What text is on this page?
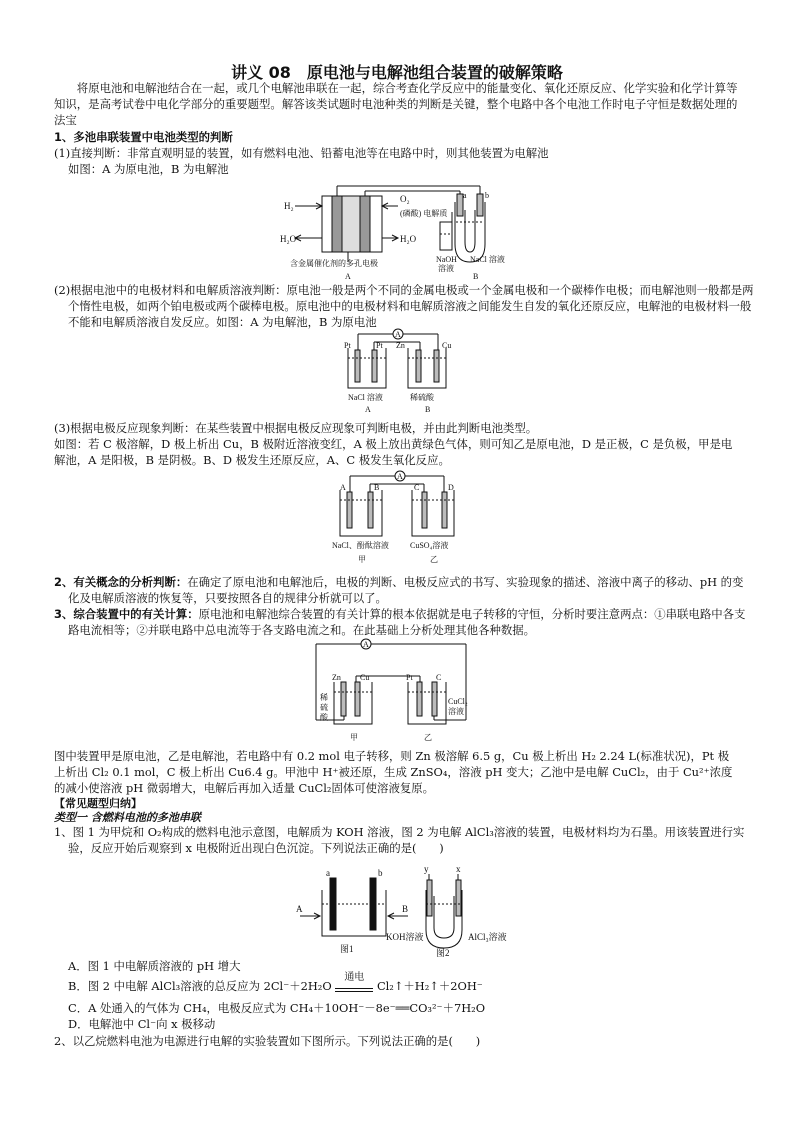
讲义 08　原电池与电解池组合装置的破解策略

将原电池和电解池结合在一起，或几个电解池串联在一起，综合考查化学反应中的能量变化、氧化还原反应、化学实验和化学计算等知识，是高考试卷中电化学部分的重要题型。解答该类试题时电池种类的判断是关键，整个电路中各个电池工作时电子守恒是数据处理的法宝

1、多池串联装置中电池类型的判断

(1)直接判断：非常直观明显的装置，如有燃料电池、铅蓄电池等在电路中时，则其他装置为电解池

如图：A 为原电池，B 为电解池

H₂
O₂
(磷酸) 电解质
H₂O	H₂O
含金属催化剂的多孔电极
a b
NaOH
溶液
NaCl 溶液
A	B

(2)根据电池中的电极材料和电解质溶液判断：原电池一般是两个不同的金属电极或一个金属电极和一个碳棒作电极；而电解池则一般都是两个惰性电极，如两个铂电极或两个碳棒电极。原电池中的电极材料和电解质溶液之间能发生自发的氧化还原反应，电解池的电极材料一般不能和电解质溶液自发反应。如图：A 为电解池，B 为原电池

A
Pt	Pt Zn	Cu
NaCl 溶液	稀硫酸
A	B

(3)根据电极反应现象判断：在某些装置中根据电极反应现象可判断电极，并由此判断电池类型。

如图：若 C 极溶解，D 极上析出 Cu，B 极附近溶液变红，A 极上放出黄绿色气体，则可知乙是原电池，D 是正极，C 是负极，甲是电解池，A 是阳极，B 是阴极。B、D 极发生还原反应，A、C 极发生氧化反应。

A
A	B	C	D
NaCl、酚酞溶液	CuSO₄溶液
甲	乙

2、有关概念的分析判断：在确定了原电池和电解池后，电极的判断、电极反应式的书写、实验现象的描述、溶液中离子的移动、pH 的变化及电解质溶液的恢复等，只要按照各自的规律分析就可以了。

3、综合装置中的有关计算：原电池和电解池综合装置的有关计算的根本依据就是电子转移的守恒，分析时要注意两点：①串联电路中各支路电流相等；②并联电路中总电流等于各支路电流之和。在此基础上分析处理其他各种数据。

A
Zn Cu	Pt	C
稀
硫
酸
CuCl₂
溶液
甲	乙

图中装置甲是原电池，乙是电解池，若电路中有 0.2 mol 电子转移，则 Zn 极溶解 6.5 g，Cu 极上析出 H₂ 2.24 L(标准状况)，Pt 极上析出 Cl₂ 0.1 mol，C 极上析出 Cu6.4 g。甲池中 H⁺被还原，生成 ZnSO₄，溶液 pH 变大；乙池中是电解 CuCl₂，由于 Cu²⁺浓度的减小使溶液 pH 微弱增大，电解后再加入适量 CuCl₂固体可使溶液复原。

【常见题型归纳】

类型一 含燃料电池的多池串联

1、图 1 为甲烷和 O₂构成的燃料电池示意图，电解质为 KOH 溶液，图 2 为电解 AlCl₃溶液的装置，电极材料均为石墨。用该装置进行实验，反应开始后观察到 x 电极附近出现白色沉淀。下列说法正确的是(　　)

a	b
A	B
KOH溶液
图1
y	x
AlCl₃溶液
图2

A．图 1 中电解质溶液的 pH 增大

B．图 2 中电解 AlCl₃溶液的总反应为 2Cl⁻＋2H₂O
通电
Cl₂↑＋H₂↑＋2OH⁻

C．A 处通入的气体为 CH₄，电极反应式为 CH₄＋10OH⁻－8e⁻══CO₃²⁻＋7H₂O

D．电解池中 Cl⁻向 x 极移动

2、以乙烷燃料电池为电源进行电解的实验装置如下图所示。下列说法正确的是(　　)
